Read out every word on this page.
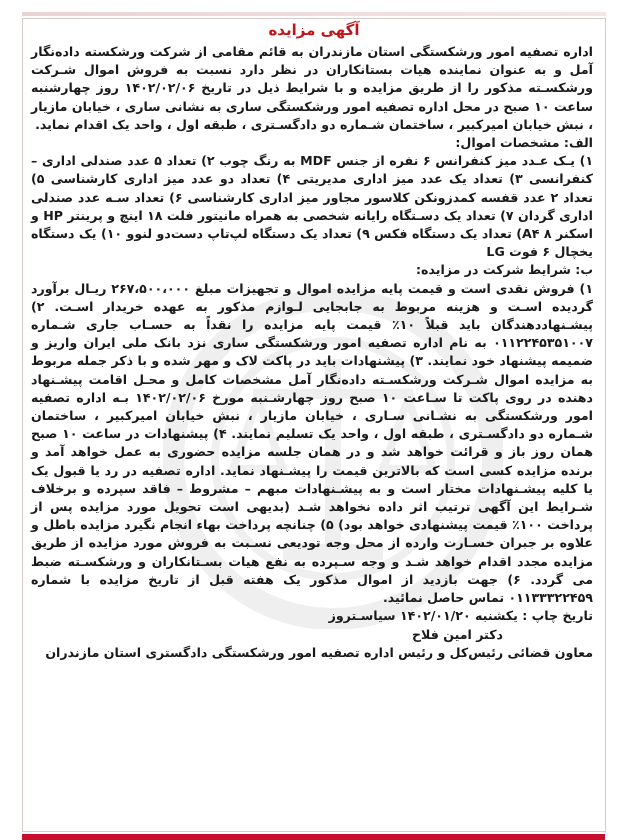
آگهی مزایده

اداره تصفیه امور ورشکستگی استان مازندران به قائم مقامی از شرکت ورشکسته داده‌نگار آمل و به عنوان نماینده هیات بستانکاران در نظر دارد نسبت به فروش اموال شـرکت ورشکسـته مذکور را از طریق مزایده و با شرایط ذیل در تاریخ ۱۴۰۲/۰۲/۰۶ روز چهارشنبه ساعت ۱۰ صبح در محل اداره تصفیه امور ورشکستگی ساری به نشانی ساری ، خیابان مازیار ، نبش خیابان امیرکبیر ، ساختمان شـماره دو دادگسـتری ، طبقه اول ، واحد یک اقدام نماید.

الف: مشخصات اموال:

۱) یـک عـدد میز کنفرانس ۶ نفره از جنس MDF به رنگ چوب ۲) تعداد ۵ عدد صندلی اداری – کنفرانسی ۳) تعداد یک عدد میز اداری مدیریتی ۴) تعداد دو عدد میز اداری کارشناسی ۵) تعداد ۲ عدد قفسه کمدزونکن کلاسور مجاور میز اداری کارشناسی ۶) تعداد سـه عدد صندلی اداری گردان ۷) تعداد یک دسـتگاه رایانه شخصی به همراه مانیتور فلت ۱۸ اینچ و پرینتر HP و اسکنر A۴ ۸) تعداد یک دستگاه فکس ۹) تعداد یک دستگاه لپ‌تاپ دست‌دو لنوو ۱۰) یک دستگاه یخچال ۶ فوت LG

ب: شرایط شرکت در مزایده:

۱) فروش نقدی است و قیمت پایه مزایده اموال و تجهیزات مبلغ ۲۶۷،۵۰۰،۰۰۰ ریـال برآورد گردیده اسـت و هزینه مربوط به جابجایی لـوازم مذکور به عهده خریدار اسـت. ۲) پیشـنهاددهندگان باید قبلاً ۱۰٪ قیمت پایه مزایده را نقداً به حسـاب جاری شـماره ۰۱۱۲۲۴۵۳۵۱۰۰۷ به نام اداره تصفیه امور ورشکستگی ساری نزد بانک ملی ایران واریز و ضمیمه پیشنهاد خود نمایند. ۳) پیشنهادات باید در پاکت لاک و مهر شده و با ذکر جمله مربوط به مزایده اموال شـرکت ورشکسـته داده‌نگار آمل مشخصات کامل و محـل اقامت پیشـنهاد دهنده در روی پاکت تا سـاعت ۱۰ صبح روز چهارشـنبه مورخ ۱۴۰۲/۰۲/۰۶ بـه اداره تصفیه امور ورشکستگی به نشـانی سـاری ، خیابان مازیار ، نبش خیابان امیرکبیر ، ساختمان شـماره دو دادگسـتری ، طبقه اول ، واحد یک تسلیم نمایند. ۴) پیشنهادات در ساعت ۱۰ صبح همان روز باز و قرائت خواهد شد و در همان جلسه مزایده حضوری به عمل خواهد آمد و برنده مزایده کسی است که بالاترین قیمت را پیشـنهاد نماید. اداره تصفیه در رد یا قبول یک یا کلیه پیشـنهادات مختار است و به پیشـنهادات مبهم – مشروط – فاقد سپرده و برخلاف شـرایط این آگهی ترتیب اثر داده نخواهد شـد (بدیهی است تحویل مورد مزایده پس از پرداخت ۱۰۰٪ قیمت پیشنهادی خواهد بود) ۵) چنانچه پرداخت بهاء انجام نگیرد مزایده باطل و علاوه بر جبران خسـارت وارده از محل وجه تودیعی نسـبت به فروش مورد مزایده از طریق مزایده مجدد اقدام خواهد شـد و وجه سـپرده به نفع هیات بسـتانکاران و ورشکسـته ضبط می گردد. ۶) جهت بازدید از اموال مذکور یک هفته قبل از تاریخ مزایده با شماره ۰۱۱۳۳۳۲۲۴۵۹ تماس حاصل نمائید.

تاریخ چاپ : یکشنبه ۱۴۰۲/۰۱/۲۰ سیاسـتروز

دکتر امین فلاح

معاون قضائی رئیس‌کل و رئیس اداره تصفیه امور ورشکستگی دادگستری استان مازندران
